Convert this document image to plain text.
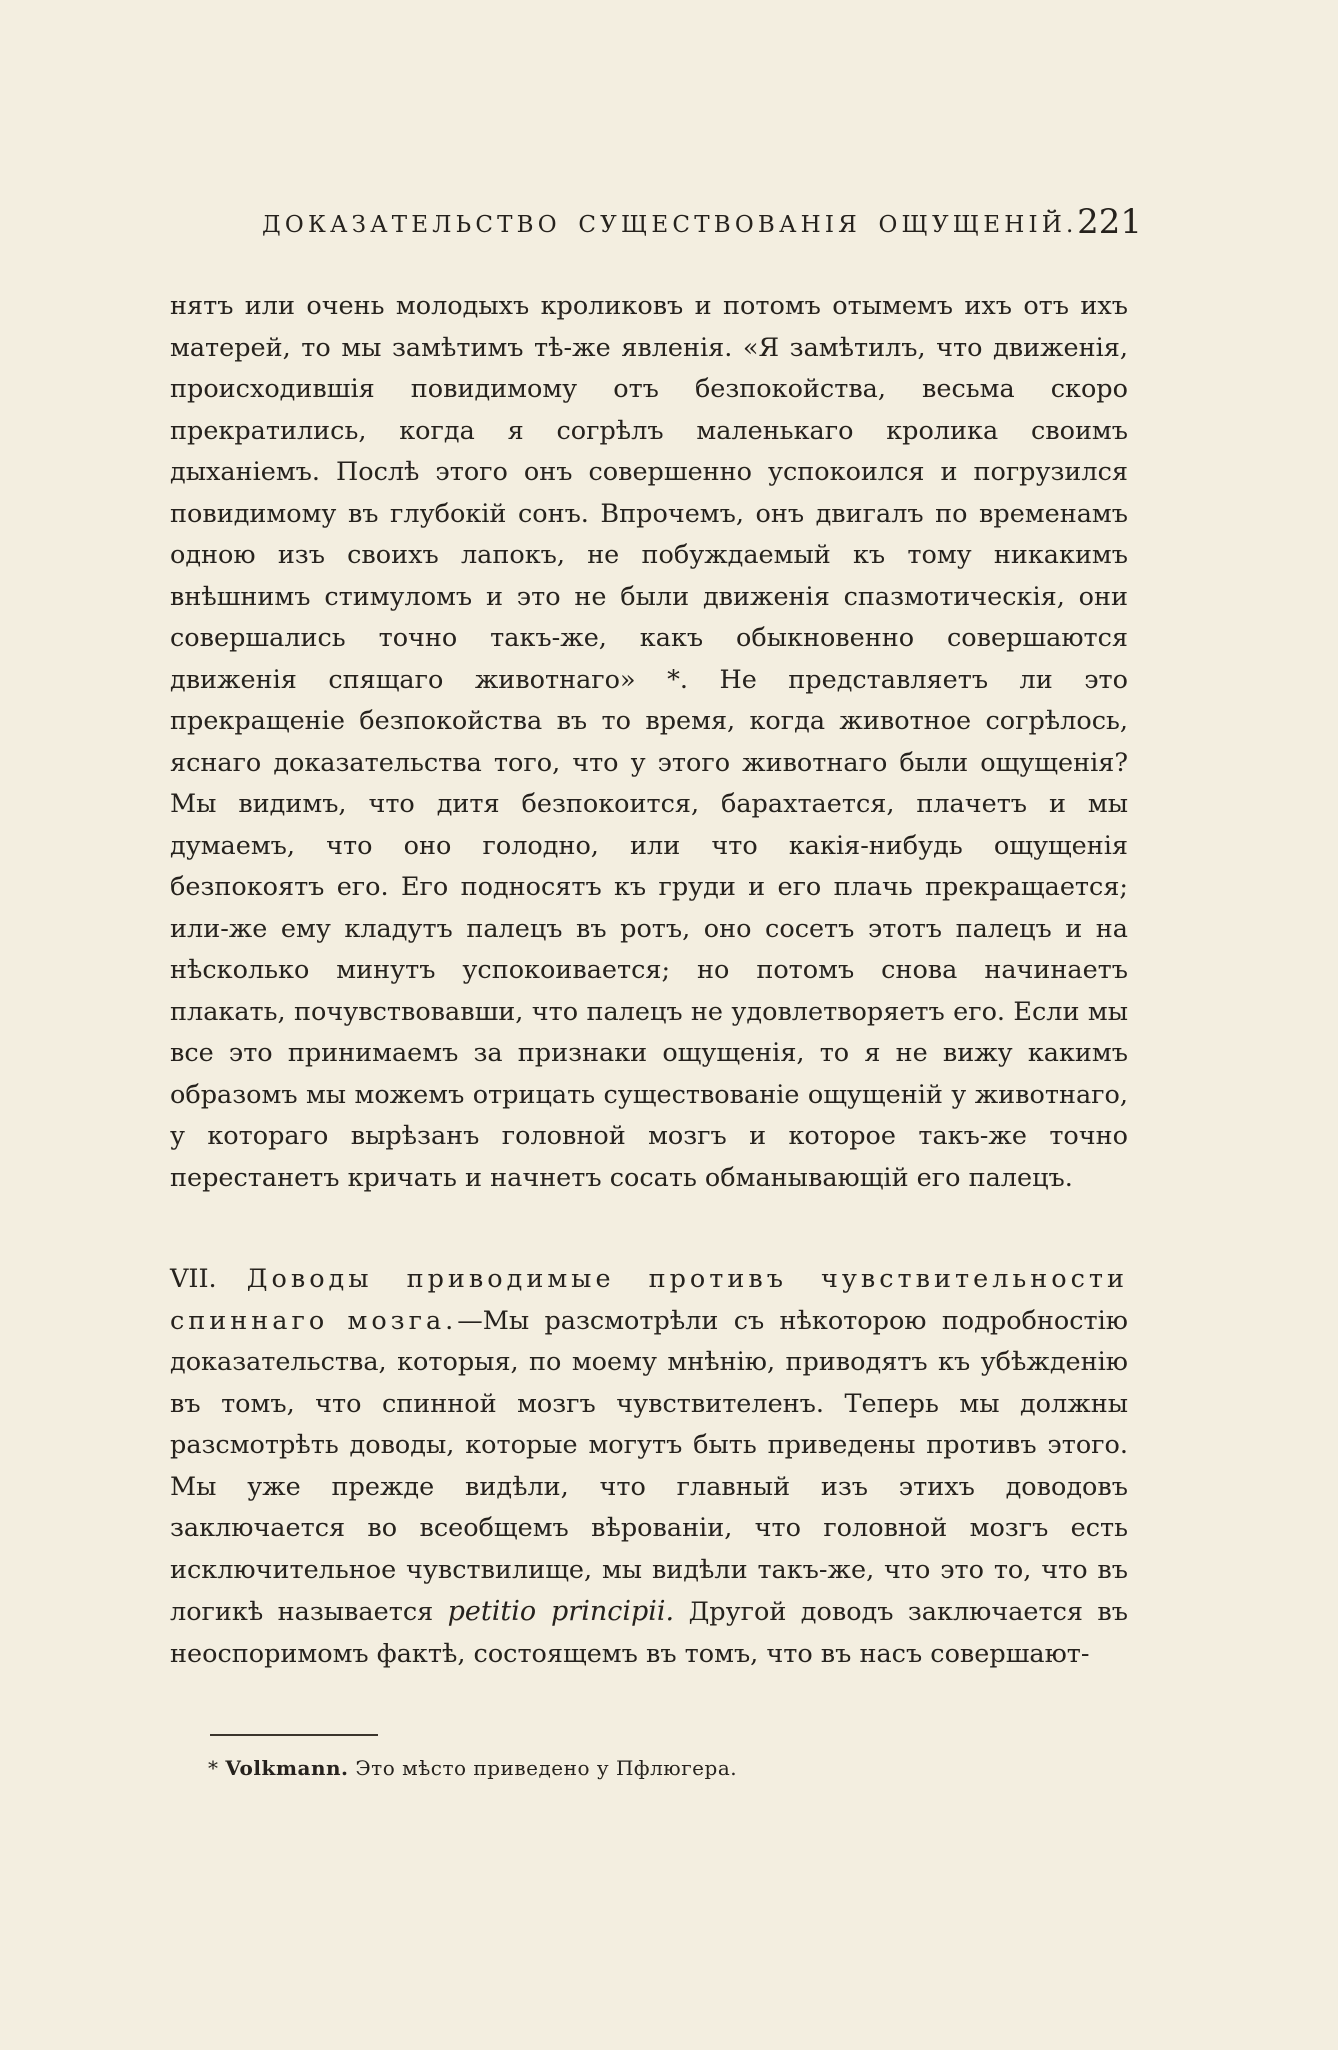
ДОКАЗАТЕЛЬСТВО СУЩЕСТВОВАНІЯ ОЩУЩЕНІЙ. 221

нятъ или очень молодыхъ кроликовъ и потомъ отымемъ ихъ отъ ихъ матерей, то мы замѣтимъ тѣ-же явленія. «Я замѣтилъ, что движенія, происходившія повидимому отъ безпокойства, весьма скоро прекратились, когда я согрѣлъ маленькаго кролика своимъ дыханіемъ. Послѣ этого онъ совершенно успокоился и погрузился повидимому въ глубокій сонъ. Впрочемъ, онъ двигалъ по временамъ одною изъ своихъ лапокъ, не побуждаемый къ тому никакимъ внѣшнимъ стимуломъ и это не были движенія спазмотическія, они совершались точно такъ-же, какъ обыкновенно совершаются движенія спящаго животнаго» *. Не представляетъ ли это прекращеніе безпокойства въ то время, когда животное согрѣлось, яснаго доказательства того, что у этого животнаго были ощущенія? Мы видимъ, что дитя безпокоится, барахтается, плачетъ и мы думаемъ, что оно голодно, или что какія-нибудь ощущенія безпокоятъ его. Его подносятъ къ груди и его плачь прекращается; или-же ему кладутъ палецъ въ ротъ, оно сосетъ этотъ палецъ и на нѣсколько минутъ успокоивается; но потомъ снова начинаетъ плакать, почувствовавши, что палецъ не удовлетворяетъ его. Если мы все это принимаемъ за признаки ощущенія, то я не вижу какимъ образомъ мы можемъ отрицать существованіе ощущеній у животнаго, у котораго вырѣзанъ головной мозгъ и которое такъ-же точно перестанетъ кричать и начнетъ сосать обманывающій его палецъ.

VII. Доводы приводимые противъ чувствительности спиннаго мозга.—Мы разсмотрѣли съ нѣкоторою подробностію доказательства, которыя, по моему мнѣнію, приводятъ къ убѣжденію въ томъ, что спинной мозгъ чувствителенъ. Теперь мы должны разсмотрѣть доводы, которые могутъ быть приведены противъ этого. Мы уже прежде видѣли, что главный изъ этихъ доводовъ заключается во всеобщемъ вѣрованіи, что головной мозгъ есть исключительное чувствилище, мы видѣли такъ-же, что это то, что въ логикѣ называется petitio principii. Другой доводъ заключается въ неоспоримомъ фактѣ, состоящемъ въ томъ, что въ насъ совершают-

* Volkmann. Это мѣсто приведено у Пфлюгера.
